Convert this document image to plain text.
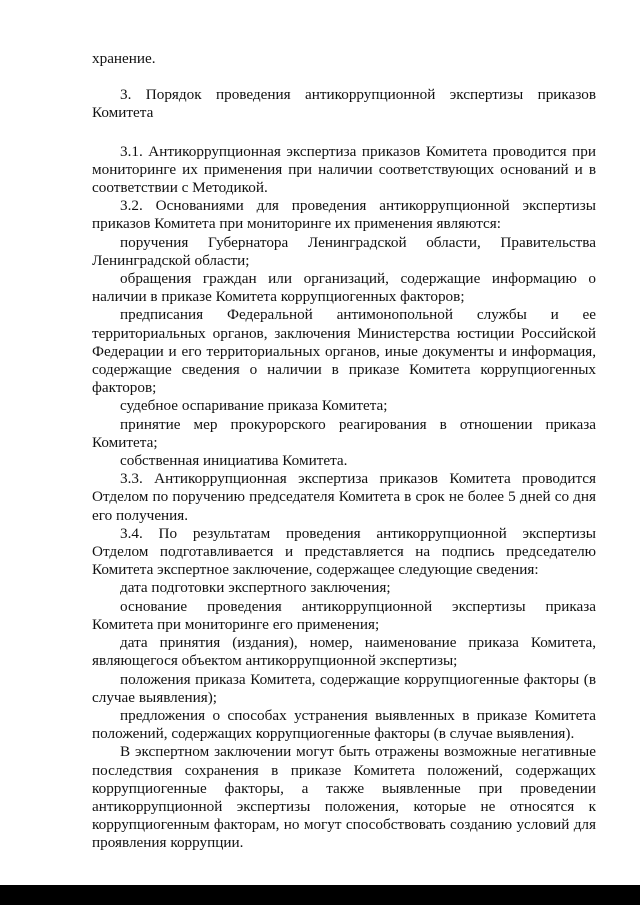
хранение.

3. Порядок проведения антикоррупционной экспертизы приказов Комитета

3.1. Антикоррупционная экспертиза приказов Комитета проводится при мониторинге их применения при наличии соответствующих оснований и в соответствии с Методикой.

3.2. Основаниями для проведения антикоррупционной экспертизы приказов Комитета при мониторинге их применения являются:

поручения Губернатора Ленинградской области, Правительства Ленинградской области;

обращения граждан или организаций, содержащие информацию о наличии в приказе Комитета коррупциогенных факторов;

предписания Федеральной антимонопольной службы и ее территориальных органов, заключения Министерства юстиции Российской Федерации и его территориальных органов, иные документы и информация, содержащие сведения о наличии в приказе Комитета коррупциогенных факторов;

судебное оспаривание приказа Комитета;

принятие мер прокурорского реагирования в отношении приказа Комитета;

собственная инициатива Комитета.

3.3. Антикоррупционная экспертиза приказов Комитета проводится Отделом по поручению председателя Комитета в срок не более 5 дней со дня его получения.

3.4. По результатам проведения антикоррупционной экспертизы Отделом подготавливается и представляется на подпись председателю Комитета экспертное заключение, содержащее следующие сведения:

дата подготовки экспертного заключения;

основание проведения антикоррупционной экспертизы приказа Комитета при мониторинге его применения;

дата принятия (издания), номер, наименование приказа Комитета, являющегося объектом антикоррупционной экспертизы;

положения приказа Комитета, содержащие коррупциогенные факторы (в случае выявления);

предложения о способах устранения выявленных в приказе Комитета положений, содержащих коррупциогенные факторы (в случае выявления).

В экспертном заключении могут быть отражены возможные негативные последствия сохранения в приказе Комитета положений, содержащих коррупциогенные факторы, а также выявленные при проведении антикоррупционной экспертизы положения, которые не относятся к коррупциогенным факторам, но могут способствовать созданию условий для проявления коррупции.
